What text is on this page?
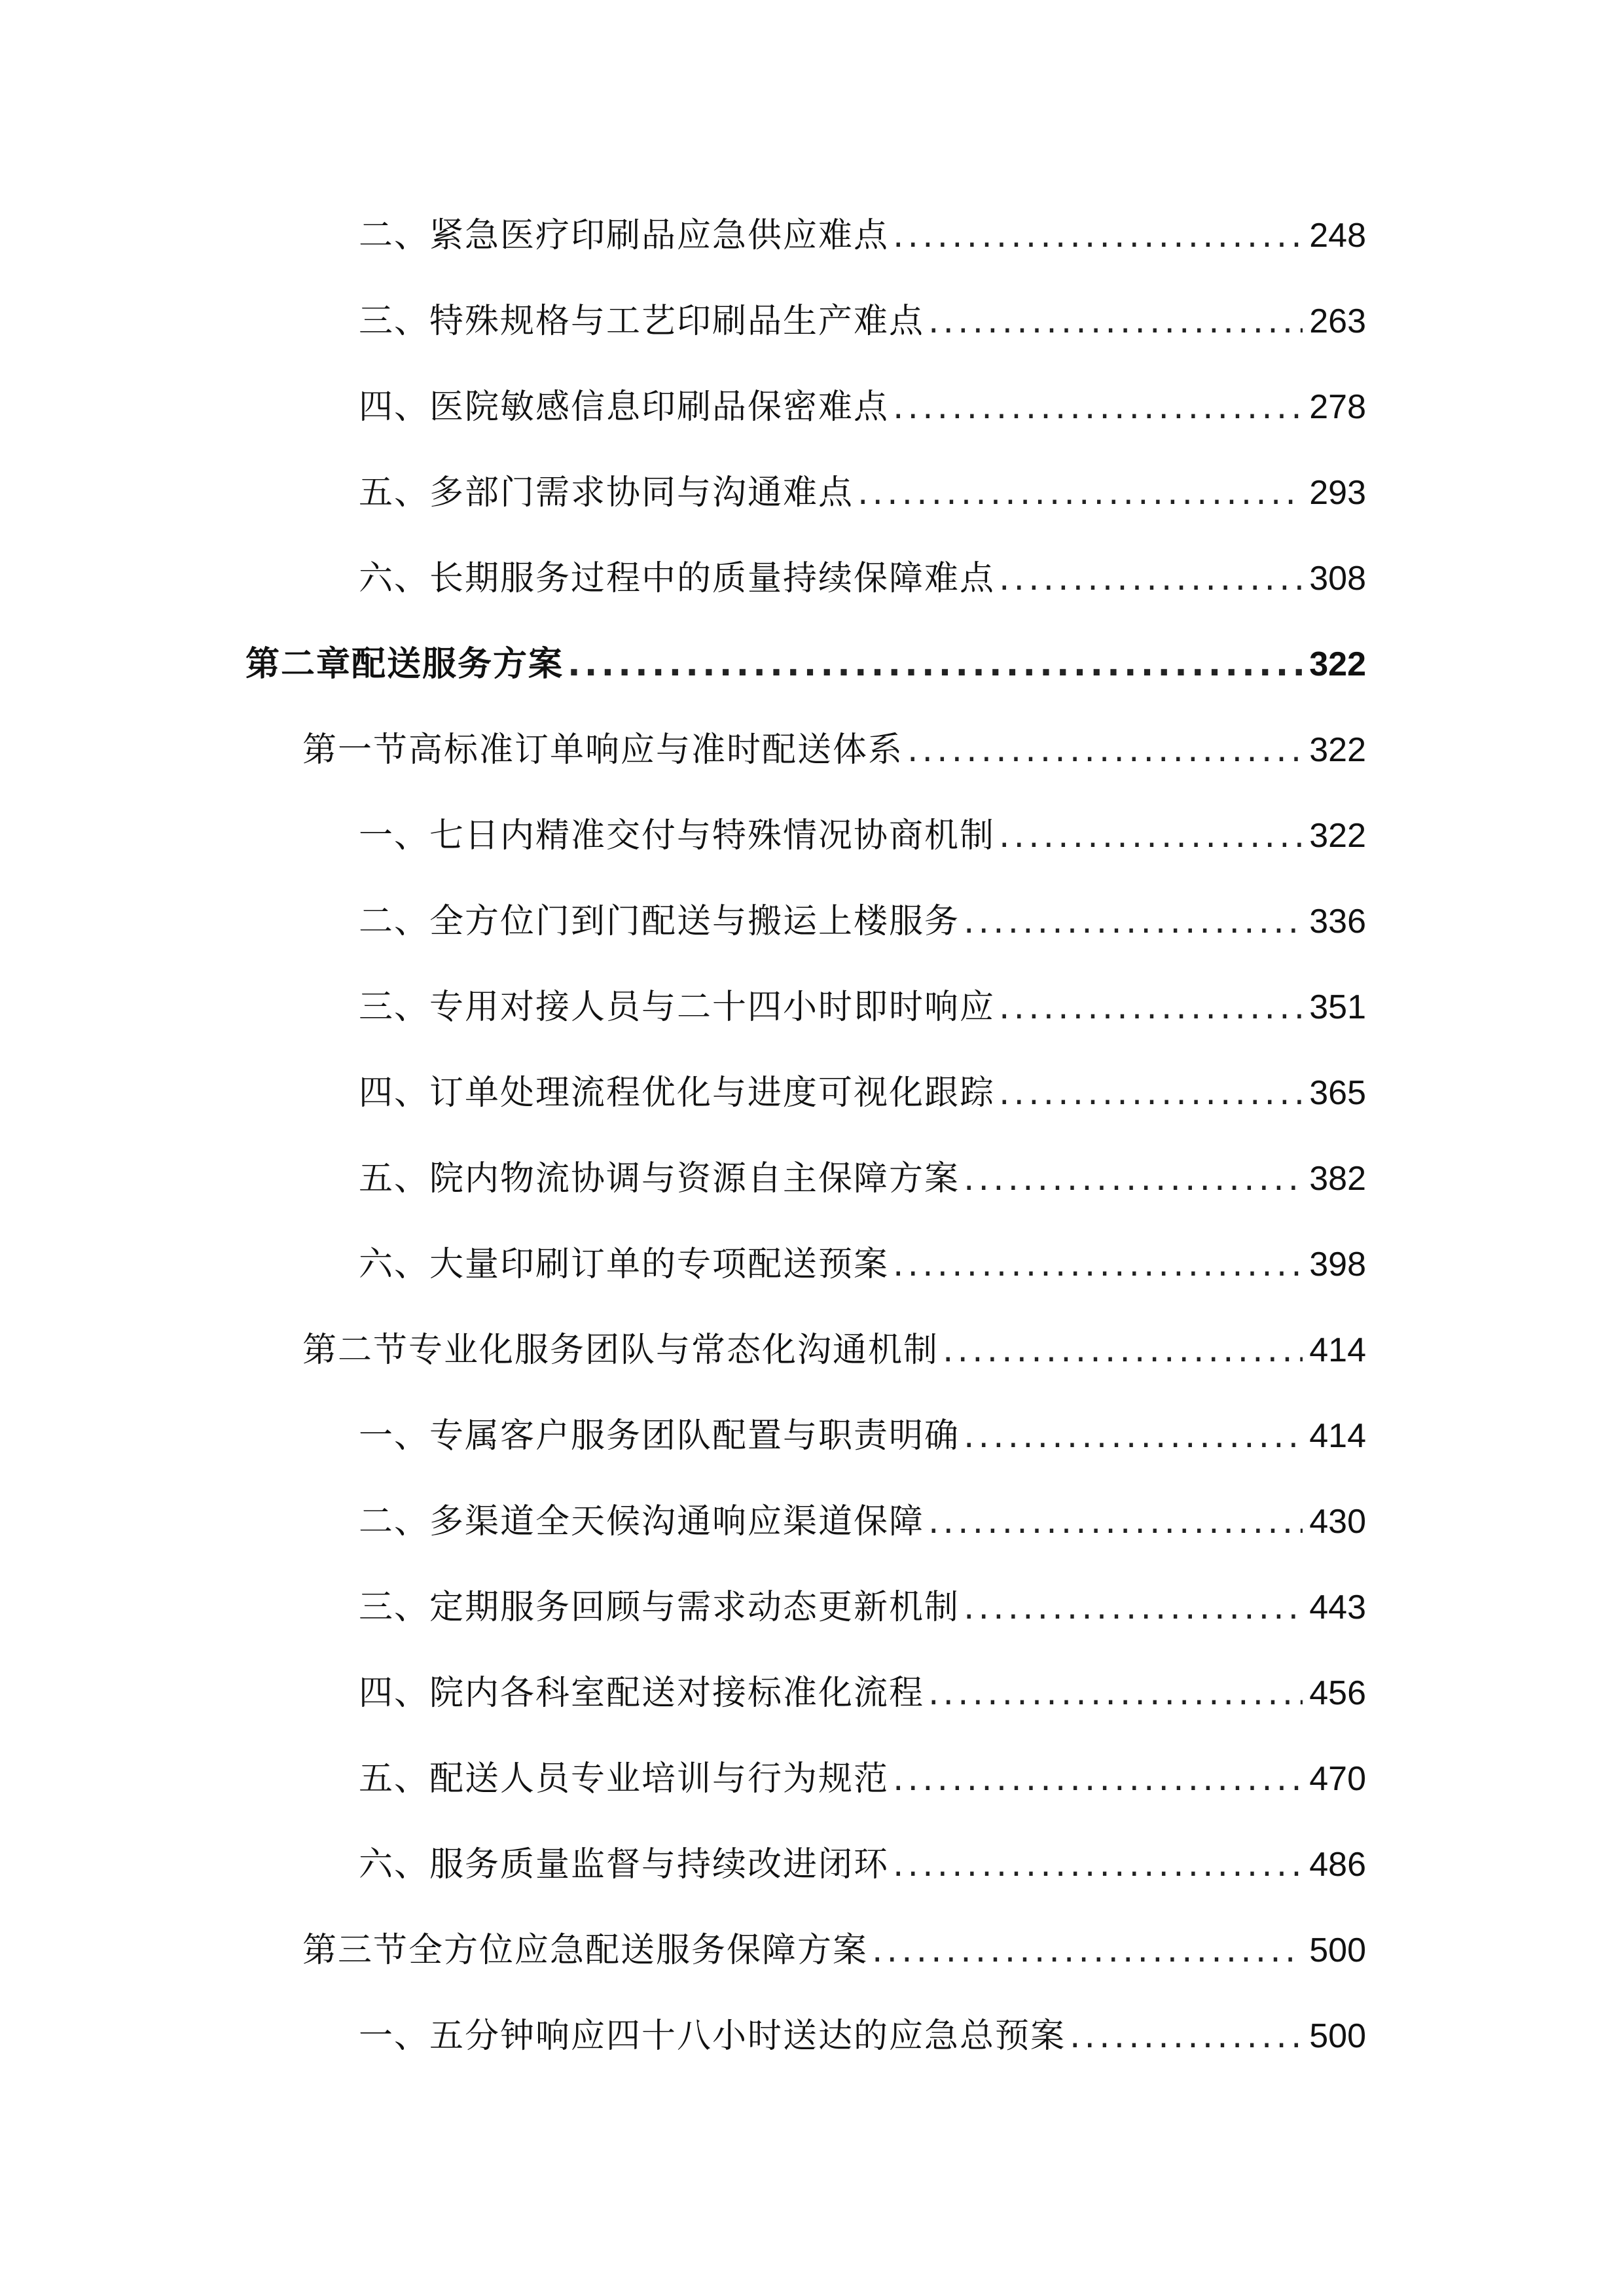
二、紧急医疗印刷品应急供应难点 .....	248
三、特殊规格与工艺印刷品生产难点 .....	263
四、医院敏感信息印刷品保密难点 .....	278
五、多部门需求协同与沟通难点 .....	293
六、长期服务过程中的质量持续保障难点 .....	308
第二章配送服务方案 .....	322
第一节高标准订单响应与准时配送体系 .....	322
一、七日内精准交付与特殊情况协商机制 .....	322
二、全方位门到门配送与搬运上楼服务 .....	336
三、专用对接人员与二十四小时即时响应 .....	351
四、订单处理流程优化与进度可视化跟踪 .....	365
五、院内物流协调与资源自主保障方案 .....	382
六、大量印刷订单的专项配送预案 .....	398
第二节专业化服务团队与常态化沟通机制 .....	414
一、专属客户服务团队配置与职责明确 .....	414
二、多渠道全天候沟通响应渠道保障 .....	430
三、定期服务回顾与需求动态更新机制 .....	443
四、院内各科室配送对接标准化流程 .....	456
五、配送人员专业培训与行为规范 .....	470
六、服务质量监督与持续改进闭环 .....	486
第三节全方位应急配送服务保障方案 .....	500
一、五分钟响应四十八小时送达的应急总预案 .....	500
